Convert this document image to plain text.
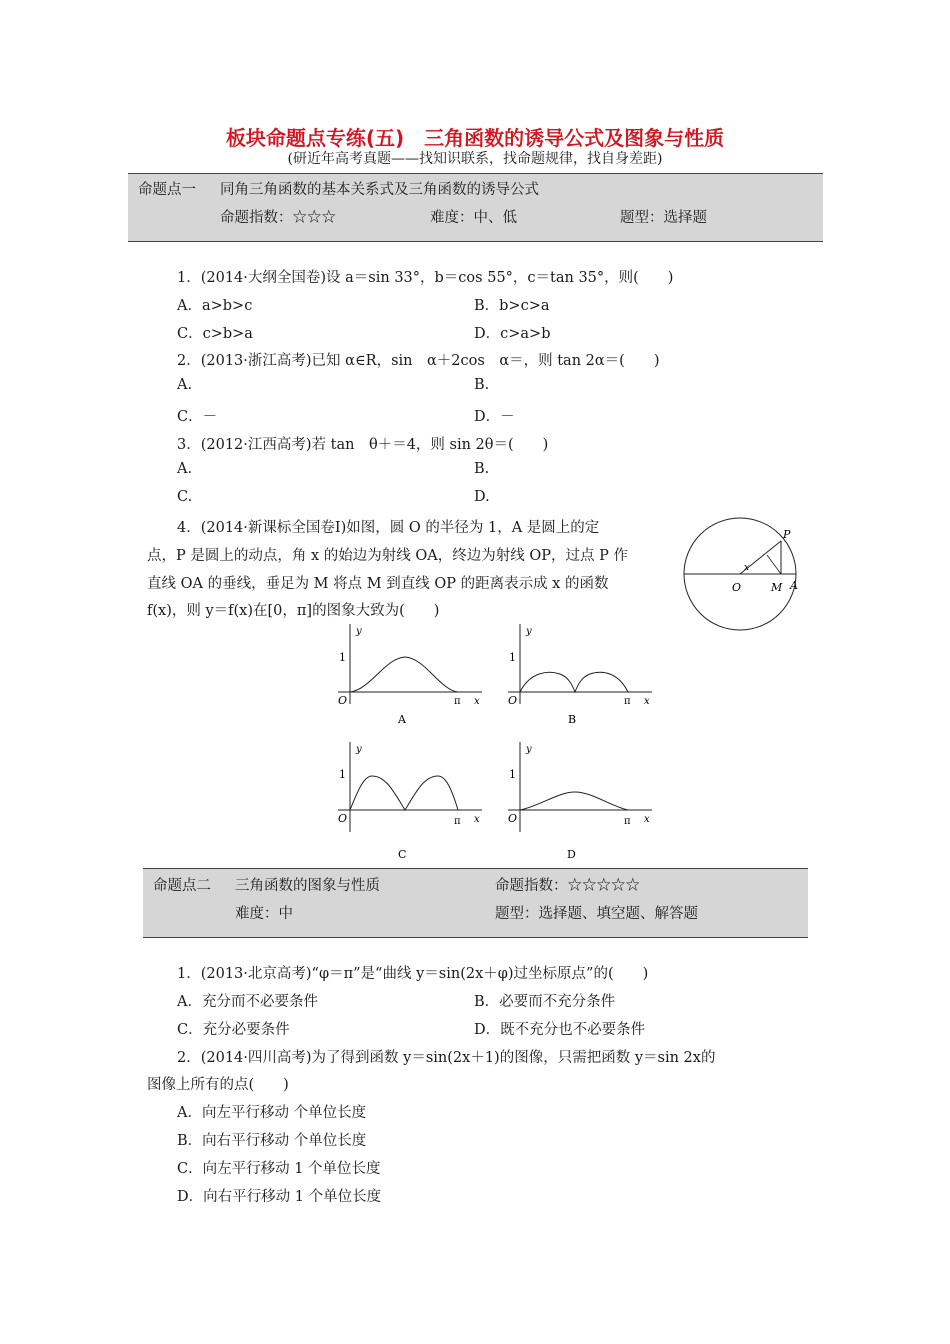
板块命题点专练(五)　三角函数的诱导公式及图象与性质
(研近年高考真题——找知识联系，找命题规律，找自身差距)
命题点一 同角三角函数的基本关系式及三角函数的诱导公式
命题指数：☆☆☆	难度：中、低	题型：选择题
1．(2014·大纲全国卷)设 a＝sin 33°，b＝cos 55°，c＝tan 35°，则(　　)
A．a>b>c	B．b>c>a
C．c>b>a	D．c>a>b
2．(2013·浙江高考)已知 α∈R，sin　α＋2cos　α＝，则 tan 2α＝(　　)
A.	B.
C．－	D．－
3．(2012·江西高考)若 tan　θ＋＝4，则 sin 2θ＝(　　)
A.	B.
C.	D.
4．(2014·新课标全国卷Ⅰ)如图，圆 O 的半径为 1，A 是圆上的定
点，P 是圆上的动点，角 x 的始边为射线 OA，终边为射线 OP，过点 P 作
直线 OA 的垂线，垂足为 M 将点 M 到直线 OP 的距离表示成 x 的函数
f(x)，则 y＝f(x)在[0，π]的图象大致为(　　)
P
O	M A
x
y
1
O	π x
A
y
1
O	π x
B
y
1
O	π x
C
y
1
O	π x
D
命题点二 三角函数的图象与性质	命题指数：☆☆☆☆☆
难度：中	题型：选择题、填空题、解答题
1．(2013·北京高考)“φ＝π”是“曲线 y＝sin(2x＋φ)过坐标原点”的(　　)
A．充分而不必要条件	B．必要而不充分条件
C．充分必要条件	D．既不充分也不必要条件
2．(2014·四川高考)为了得到函数 y＝sin(2x＋1)的图像，只需把函数 y＝sin 2x的
图像上所有的点(　　)
A．向左平行移动 个单位长度
B．向右平行移动 个单位长度
C．向左平行移动 1 个单位长度
D．向右平行移动 1 个单位长度
